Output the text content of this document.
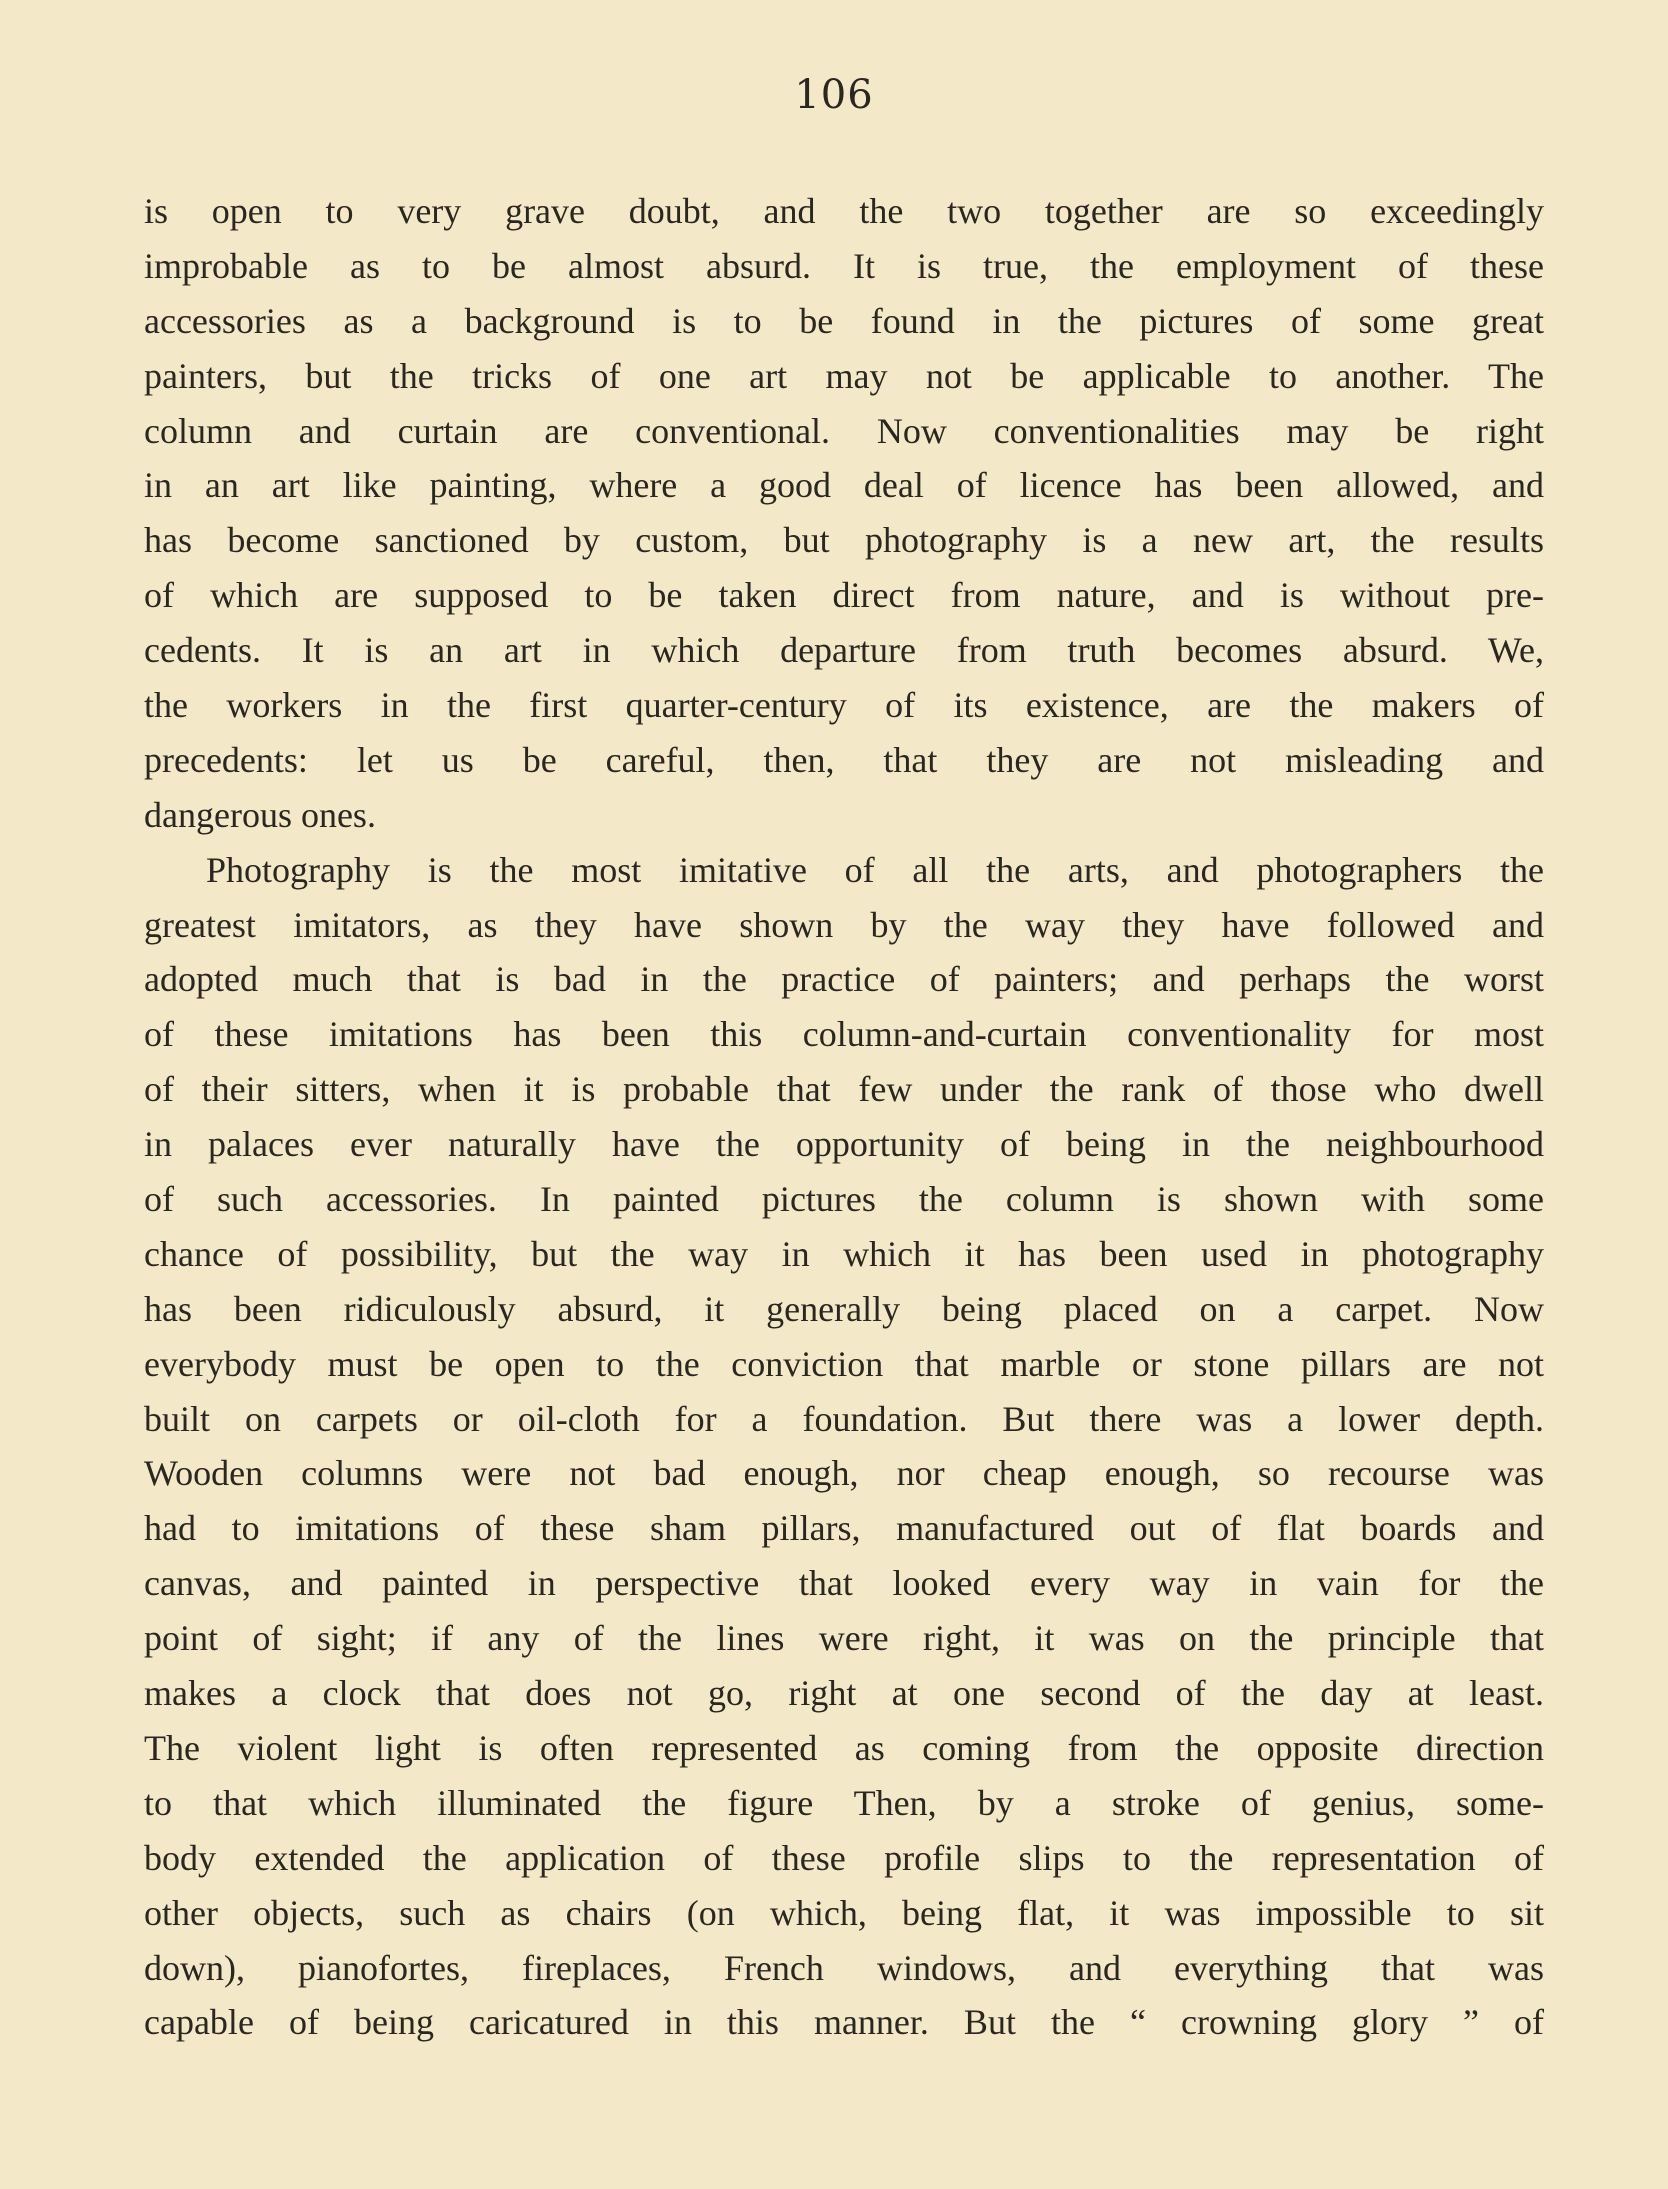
106
is open to very grave doubt, and the two together are so exceedingly
improbable as to be almost absurd. It is true, the employment of these
accessories as a background is to be found in the pictures of some great
painters, but the tricks of one art may not be applicable to another. The
column and curtain are conventional. Now conventionalities may be right
in an art like painting, where a good deal of licence has been allowed, and
has become sanctioned by custom, but photography is a new art, the results
of which are supposed to be taken direct from nature, and is without pre-
cedents. It is an art in which departure from truth becomes absurd. We,
the workers in the first quarter-century of its existence, are the makers of
precedents: let us be careful, then, that they are not misleading and
dangerous ones.
Photography is the most imitative of all the arts, and photographers the
greatest imitators, as they have shown by the way they have followed and
adopted much that is bad in the practice of painters; and perhaps the worst
of these imitations has been this column-and-curtain conventionality for most
of their sitters, when it is probable that few under the rank of those who dwell
in palaces ever naturally have the opportunity of being in the neighbourhood
of such accessories. In painted pictures the column is shown with some
chance of possibility, but the way in which it has been used in photography
has been ridiculously absurd, it generally being placed on a carpet. Now
everybody must be open to the conviction that marble or stone pillars are not
built on carpets or oil-cloth for a foundation. But there was a lower depth.
Wooden columns were not bad enough, nor cheap enough, so recourse was
had to imitations of these sham pillars, manufactured out of flat boards and
canvas, and painted in perspective that looked every way in vain for the
point of sight; if any of the lines were right, it was on the principle that
makes a clock that does not go, right at one second of the day at least.
The violent light is often represented as coming from the opposite direction
to that which illuminated the figure Then, by a stroke of genius, some-
body extended the application of these profile slips to the representation of
other objects, such as chairs (on which, being flat, it was impossible to sit
down), pianofortes, fireplaces, French windows, and everything that was
capable of being caricatured in this manner. But the “ crowning glory ” of
